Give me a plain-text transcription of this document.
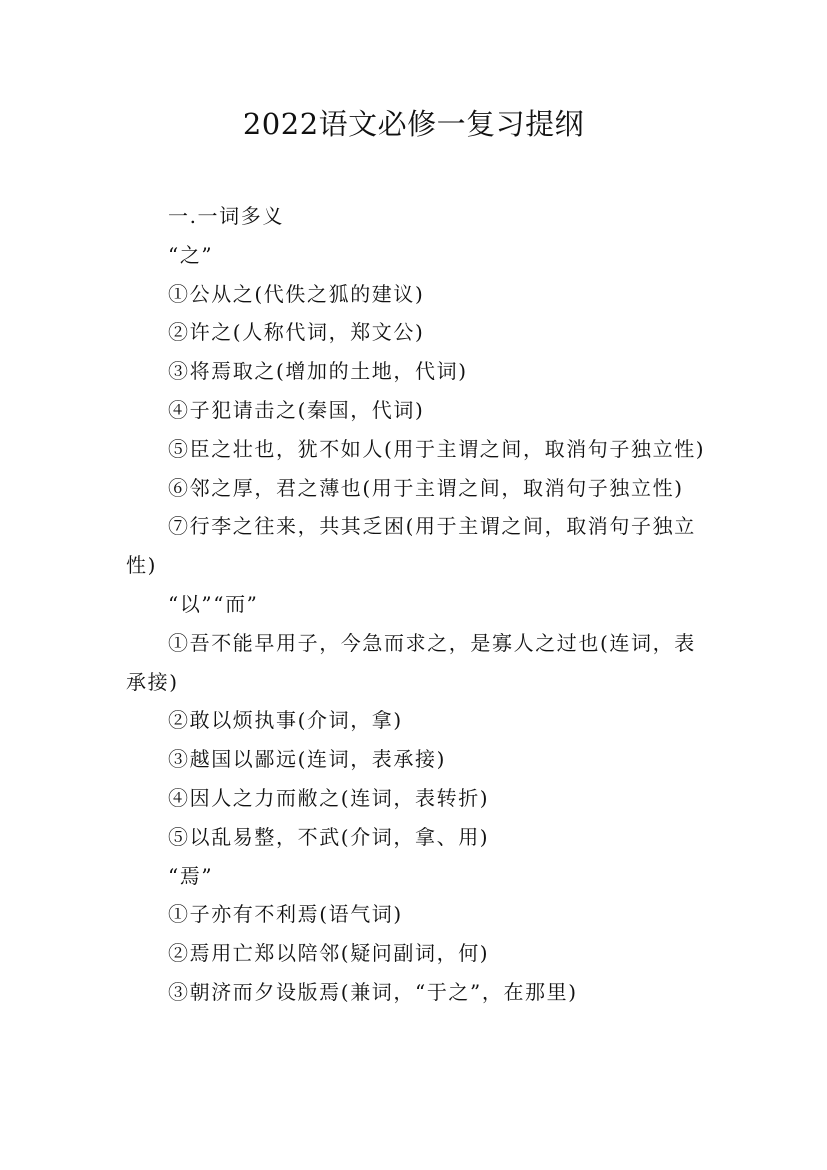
2022语文必修一复习提纲

一.一词多义

“之”

①公从之(代佚之狐的建议)

②许之(人称代词，郑文公)

③将焉取之(增加的土地，代词)

④子犯请击之(秦国，代词)

⑤臣之壮也，犹不如人(用于主谓之间，取消句子独立性)

⑥邻之厚，君之薄也(用于主谓之间，取消句子独立性)

⑦行李之往来，共其乏困(用于主谓之间，取消句子独立性)

“以”“而”

①吾不能早用子，今急而求之，是寡人之过也(连词，表承接)

②敢以烦执事(介词，拿)

③越国以鄙远(连词，表承接)

④因人之力而敝之(连词，表转折)

⑤以乱易整，不武(介词，拿、用)

“焉”

①子亦有不利焉(语气词)

②焉用亡郑以陪邻(疑问副词，何)

③朝济而夕设版焉(兼词，“于之”，在那里)
